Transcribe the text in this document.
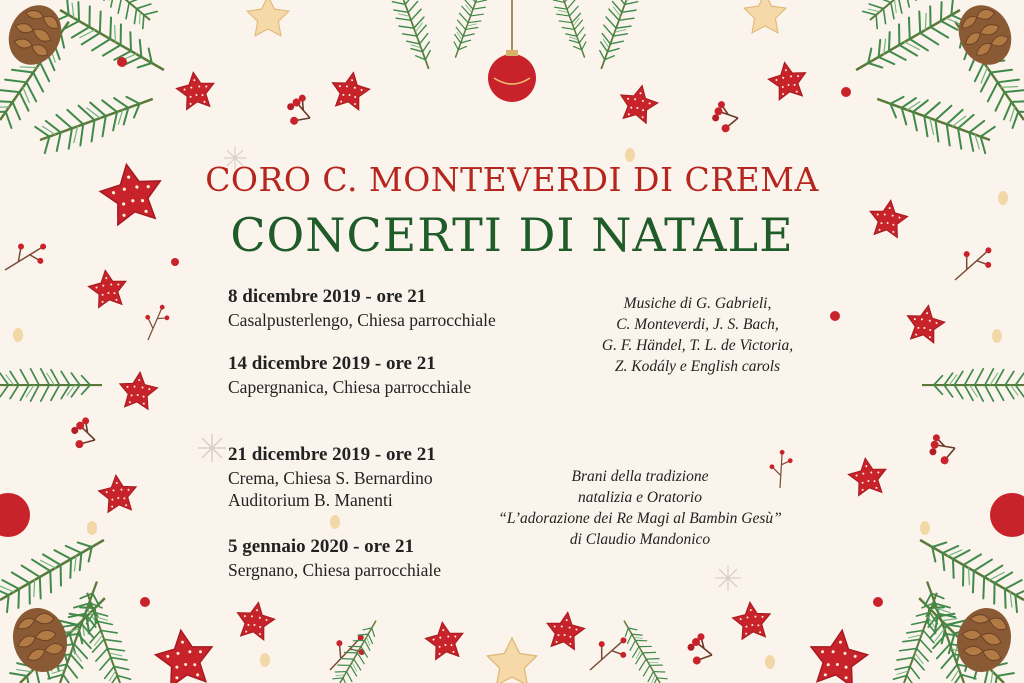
CORO C. MONTEVERDI DI CREMA
CONCERTI DI NATALE
8 dicembre 2019 - ore 21
Casalpusterlengo, Chiesa parrocchiale
14 dicembre 2019 - ore 21
Capergnanica, Chiesa parrocchiale
21 dicembre 2019 - ore 21
Crema, Chiesa S. Bernardino
Auditorium B. Manenti
5 gennaio 2020 - ore 21
Sergnano, Chiesa parrocchiale
Musiche di G. Gabrieli,
C. Monteverdi, J. S. Bach,
G. F. Händel, T. L. de Victoria,
Z. Kodály e English carols
Brani della tradizione
natalizia e Oratorio
“L’adorazione dei Re Magi al Bambin Gesù”
di Claudio Mandonico
